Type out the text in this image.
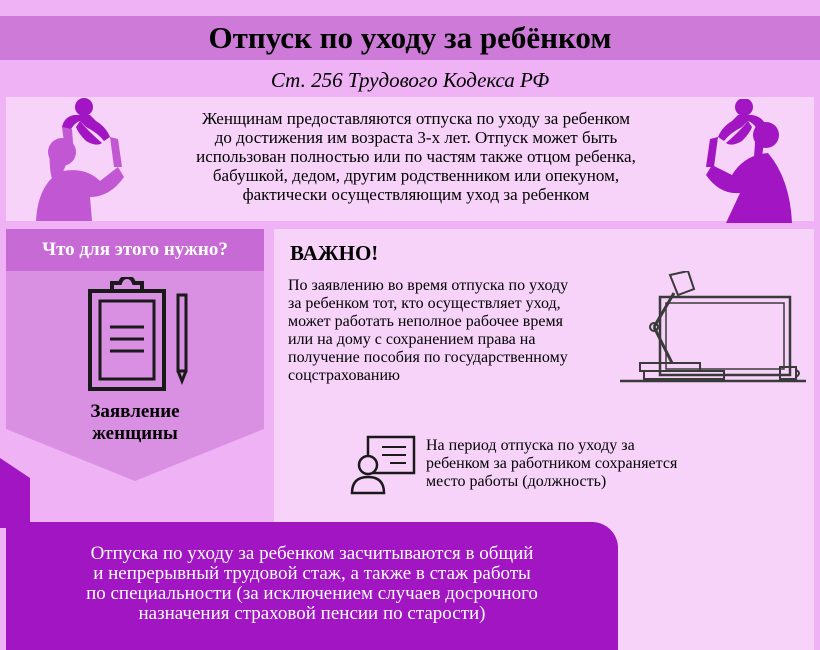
Отпуск по уходу за ребёнком
Ст. 256 Трудового Кодекса РФ
Женщинам предоставляются отпуска по уходу за ребенком
до достижения им возраста 3-х лет. Отпуск может быть
использован полностью или по частям также отцом ребенка,
бабушкой, дедом, другим родственником или опекуном,
фактически осуществляющим уход за ребенком
Что для этого нужно?
Заявление
женщины
ВАЖНО!
По заявлению во время отпуска по уходу
за ребенком тот, кто осуществляет уход,
может работать неполное рабочее время
или на дому с сохранением права на
получение пособия по государственному
соцстрахованию
На период отпуска по уходу за
ребенком за работником сохраняется
место работы (должность)
Отпуска по уходу за ребенком засчитываются в общий
и непрерывный трудовой стаж, а также в стаж работы
по специальности (за исключением случаев досрочного
назначения страховой пенсии по старости)
